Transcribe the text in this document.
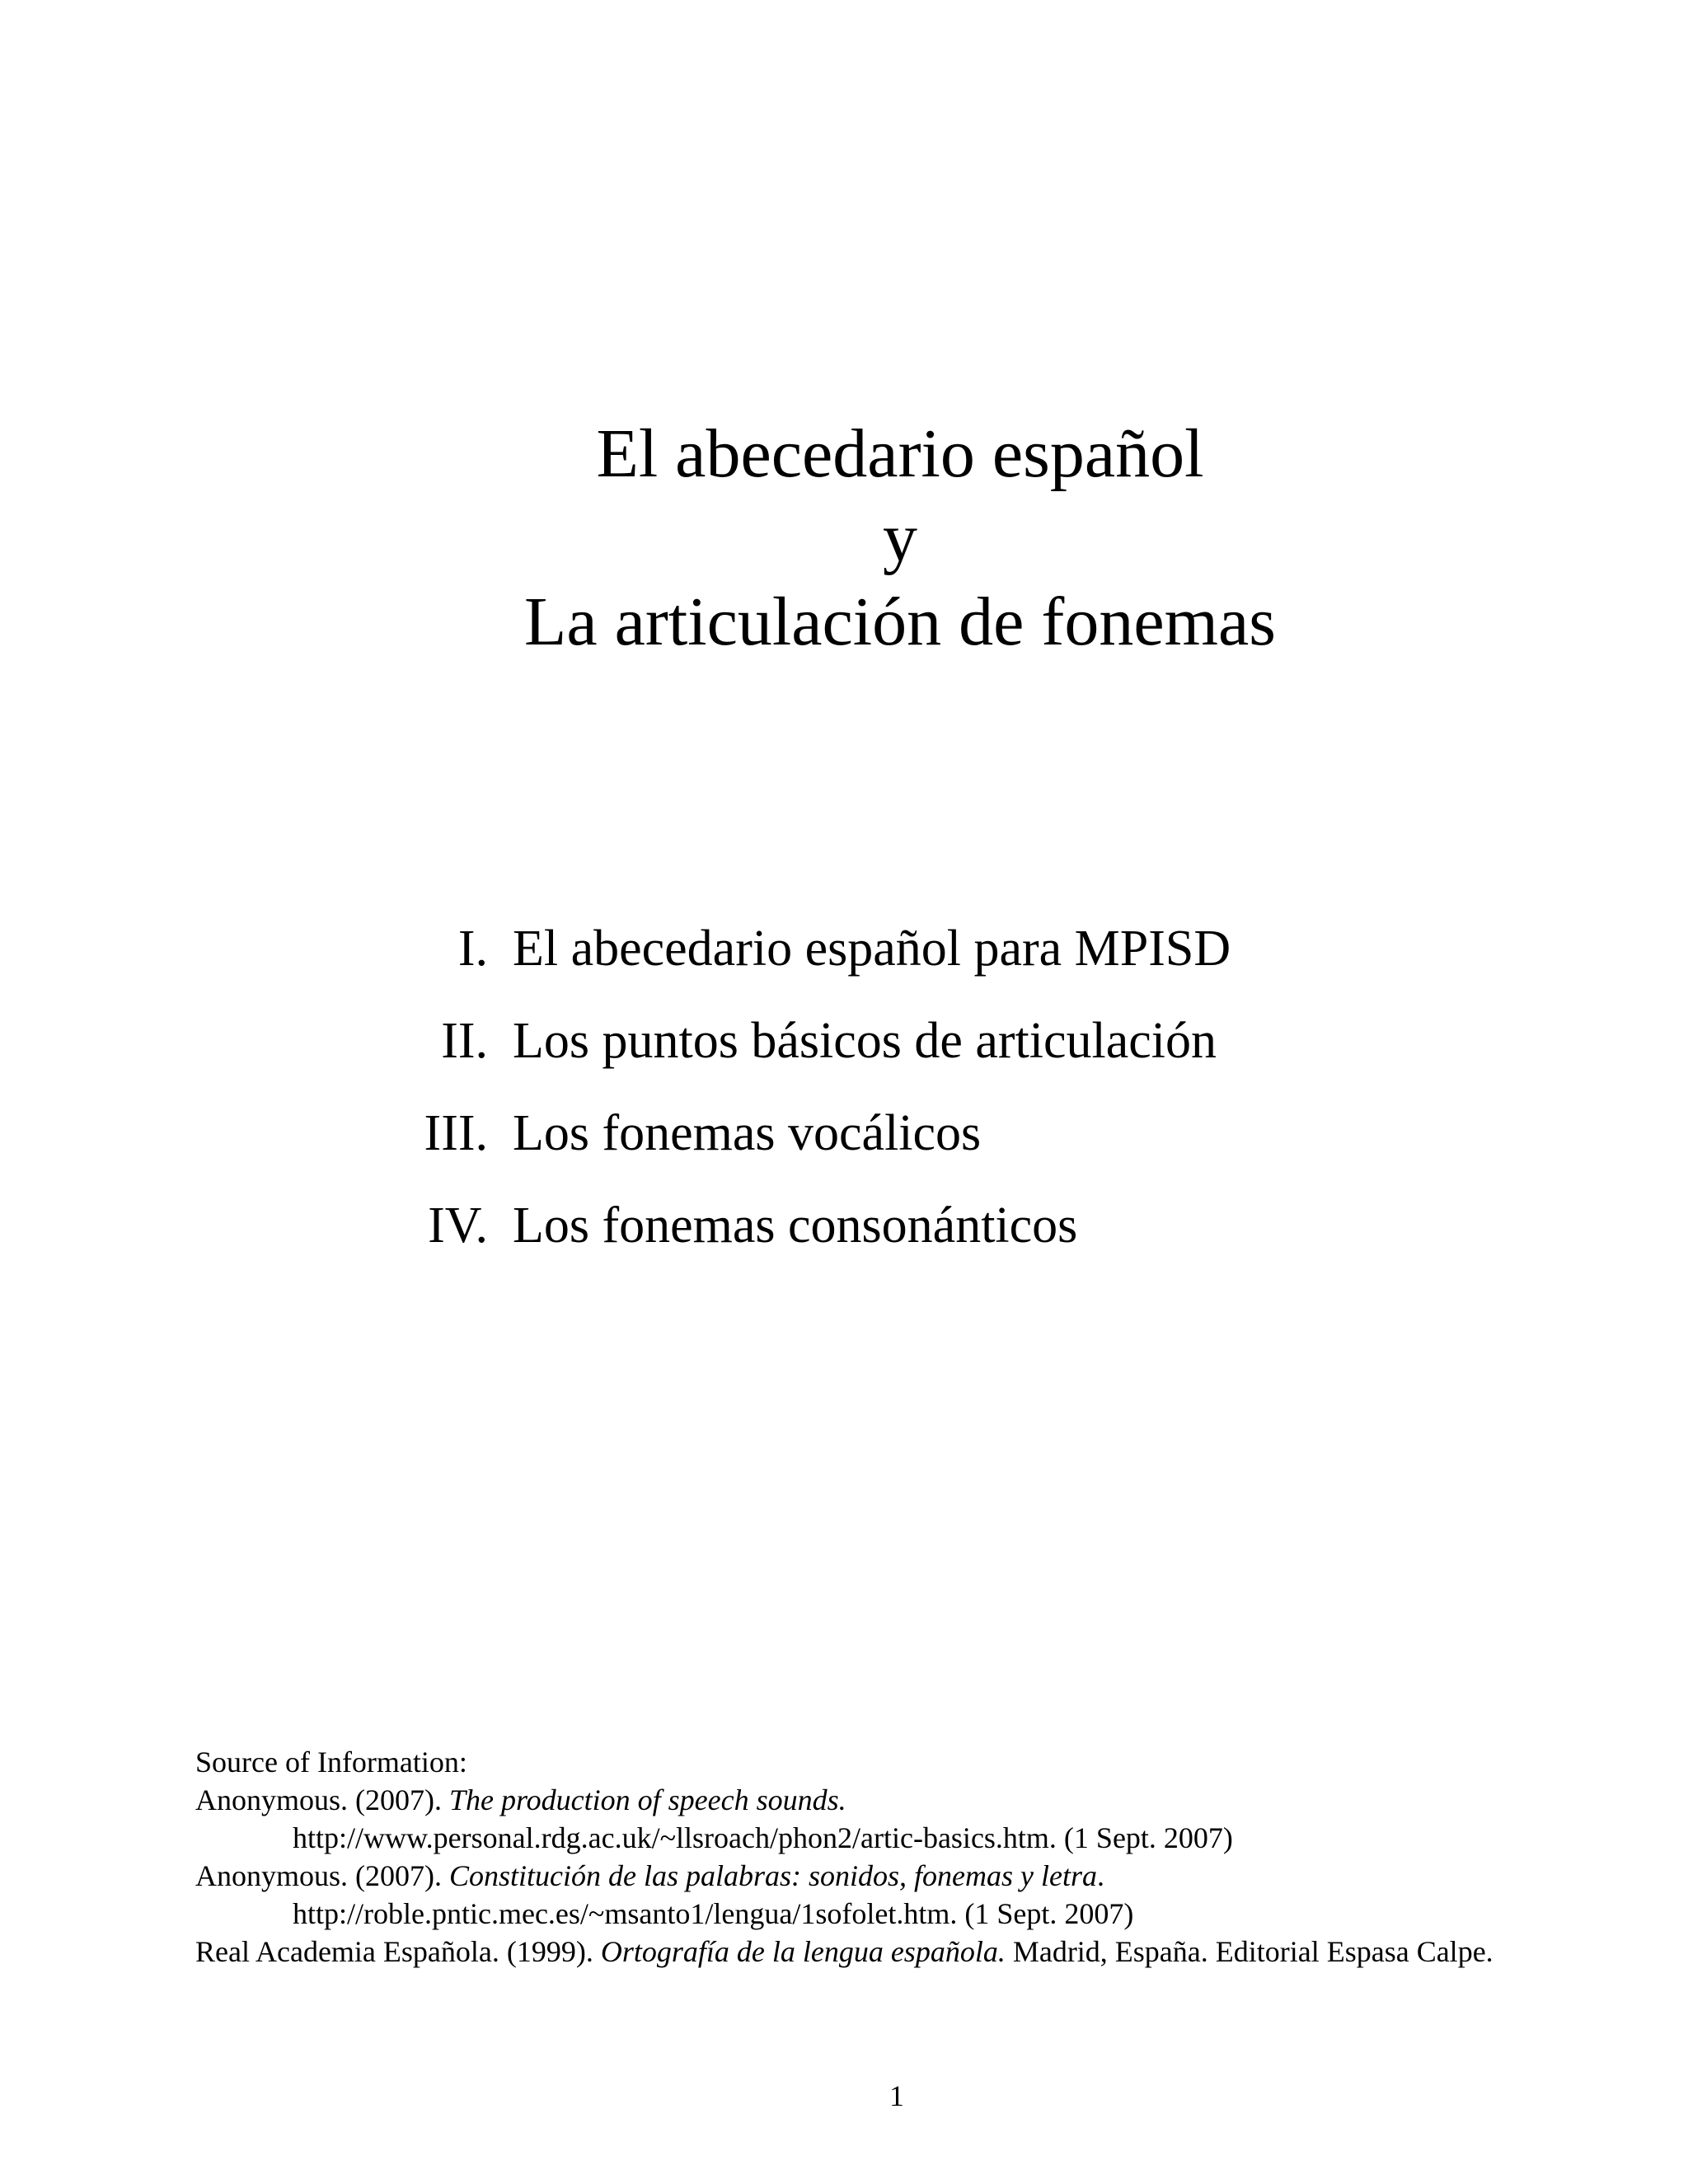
El abecedario español
y
La articulación de fonemas
I. El abecedario español para MPISD
II. Los puntos básicos de articulación
III. Los fonemas vocálicos
IV. Los fonemas consonánticos
Source of Information:
Anonymous. (2007). The production of speech sounds.
http://www.personal.rdg.ac.uk/~llsroach/phon2/artic-basics.htm. (1 Sept. 2007)
Anonymous. (2007). Constitución de las palabras: sonidos, fonemas y letra.
http://roble.pntic.mec.es/~msanto1/lengua/1sofolet.htm. (1 Sept. 2007)
Real Academia Española. (1999). Ortografía de la lengua española. Madrid, España. Editorial Espasa Calpe.
1
